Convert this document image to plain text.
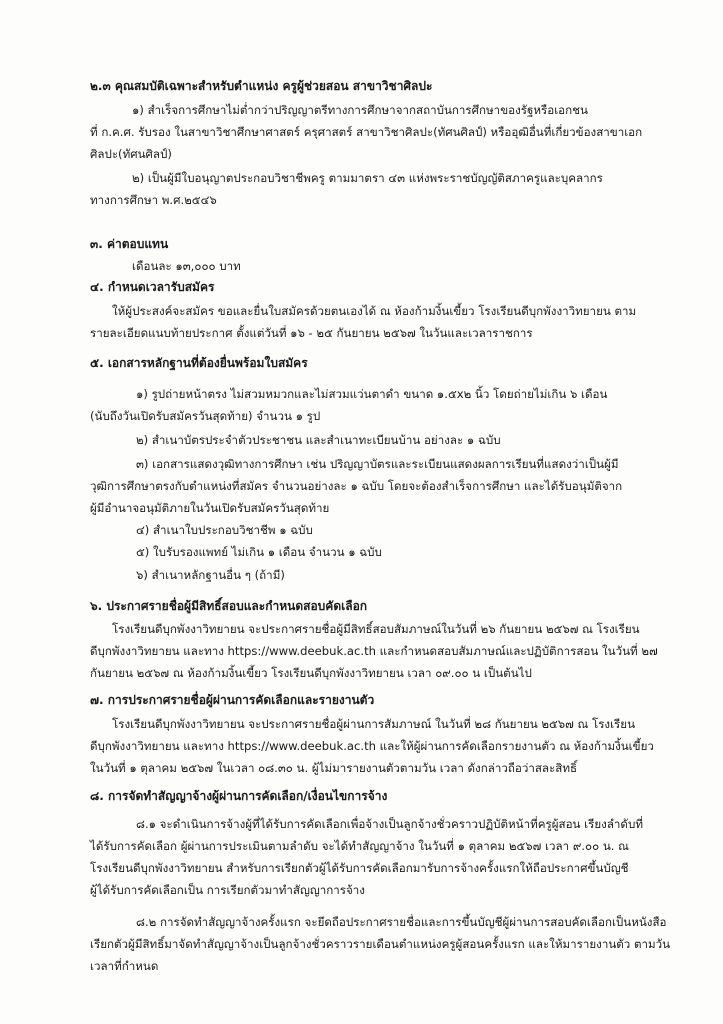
๒.๓ คุณสมบัติเฉพาะสำหรับตำแหน่ง ครูผู้ช่วยสอน สาขาวิชาศิลปะ
๑) สำเร็จการศึกษาไม่ต่ำกว่าปริญญาตรีทางการศึกษาจากสถาบันการศึกษาของรัฐหรือเอกชน
ที่ ก.ค.ศ. รับรอง ในสาขาวิชาศึกษาศาสตร์ ครุศาสตร์ สาขาวิชาศิลปะ(ทัศนศิลป์) หรืออุฒิอื่นที่เกี่ยวข้องสาขาเอก
ศิลปะ(ทัศนศิลป์)
๒) เป็นผู้มีใบอนุญาตประกอบวิชาชีพครู ตามมาตรา ๔๓ แห่งพระราชบัญญัติสภาครูและบุคลากร
ทางการศึกษา พ.ศ.๒๕๔๖
๓. ค่าตอบแทน
เดือนละ ๑๓,๐๐๐ บาท
๔. กำหนดเวลารับสมัคร
ให้ผู้ประสงค์จะสมัคร ขอและยื่นใบสมัครด้วยตนเองได้ ณ ห้องก้ามงิ้นเขี้ยว โรงเรียนดีบุกพังงาวิทยายน ตาม
รายละเอียดแนบท้ายประกาศ ตั้งแต่วันที่ ๑๖ - ๒๕ กันยายน ๒๕๖๗ ในวันและเวลาราชการ
๕. เอกสารหลักฐานที่ต้องยื่นพร้อมใบสมัคร
๑) รูปถ่ายหน้าตรง ไม่สวมหมวกและไม่สวมแว่นตาดำ ขนาด ๑.๕x๒ นิ้ว โดยถ่ายไม่เกิน ๖ เดือน
(นับถึงวันเปิดรับสมัครวันสุดท้าย) จำนวน ๑ รูป
๒) สำเนาบัตรประจำตัวประชาชน และสำเนาทะเบียนบ้าน อย่างละ ๑ ฉบับ
๓) เอกสารแสดงวุฒิทางการศึกษา เช่น ปริญญาบัตรและระเบียนแสดงผลการเรียนที่แสดงว่าเป็นผู้มี
วุฒิการศึกษาตรงกับตำแหน่งที่สมัคร จำนวนอย่างละ ๑ ฉบับ โดยจะต้องสำเร็จการศึกษา และได้รับอนุมัติจาก
ผู้มีอำนาจอนุมัติภายในวันเปิดรับสมัครวันสุดท้าย
๔) สำเนาใบประกอบวิชาชีพ ๑ ฉบับ
๕) ใบรับรองแพทย์ ไม่เกิน ๑ เดือน จำนวน ๑ ฉบับ
๖) สำเนาหลักฐานอื่น ๆ (ถ้ามี)
๖. ประกาศรายชื่อผู้มีสิทธิ์สอบและกำหนดสอบคัดเลือก
โรงเรียนดีบุกพังงาวิทยายน จะประกาศรายชื่อผู้มีสิทธิ์สอบสัมภาษณ์ในวันที่ ๒๖ กันยายน ๒๕๖๗ ณ โรงเรียน
ดีบุกพังงาวิทยายน และทาง https://www.deebuk.ac.th และกำหนดสอบสัมภาษณ์และปฏิบัติการสอน ในวันที่ ๒๗
กันยายน ๒๕๖๗ ณ ห้องก้ามงิ้นเขี้ยว โรงเรียนดีบุกพังงาวิทยายน เวลา ๐๙.๐๐ น เป็นต้นไป
๗. การประกาศรายชื่อผู้ผ่านการคัดเลือกและรายงานตัว
โรงเรียนดีบุกพังงาวิทยายน จะประกาศรายชื่อผู้ผ่านการสัมภาษณ์ ในวันที่ ๒๘ กันยายน ๒๕๖๗ ณ โรงเรียน
ดีบุกพังงาวิทยายน และทาง https://www.deebuk.ac.th และให้ผู้ผ่านการคัดเลือกรายงานตัว ณ ห้องก้ามงิ้นเขี้ยว
ในวันที่ ๑ ตุลาคม ๒๕๖๗ ในเวลา ๐๘.๓๐ น. ผู้ไม่มารายงานตัวตามวัน เวลา ดังกล่าวถือว่าสละสิทธิ์
๘. การจัดทำสัญญาจ้างผู้ผ่านการคัดเลือก/เงื่อนไขการจ้าง
๘.๑ จะดำเนินการจ้างผู้ที่ได้รับการคัดเลือกเพื่อจ้างเป็นลูกจ้างชั่วคราวปฏิบัติหน้าที่ครูผู้สอน เรียงลำดับที่
ได้รับการคัดเลือก ผู้ผ่านการประเมินตามลำดับ จะได้ทำสัญญาจ้าง ในวันที่ ๑ ตุลาคม ๒๕๖๗ เวลา ๙.๐๐ น. ณ
โรงเรียนดีบุกพังงาวิทยายน สำหรับการเรียกตัวผู้ได้รับการคัดเลือกมารับการจ้างครั้งแรกให้ถือประกาศขึ้นบัญชี
ผู้ได้รับการคัดเลือกเป็น การเรียกตัวมาทำสัญญาการจ้าง
๘.๒ การจัดทำสัญญาจ้างครั้งแรก จะยึดถือประกาศรายชื่อและการขึ้นบัญชีผู้ผ่านการสอบคัดเลือกเป็นหนังสือ
เรียกตัวผู้มีสิทธิ์มาจัดทำสัญญาจ้างเป็นลูกจ้างชั่วคราวรายเดือนตำแหน่งครูผู้สอนครั้งแรก และให้มารายงานตัว ตามวัน
เวลาที่กำหนด
